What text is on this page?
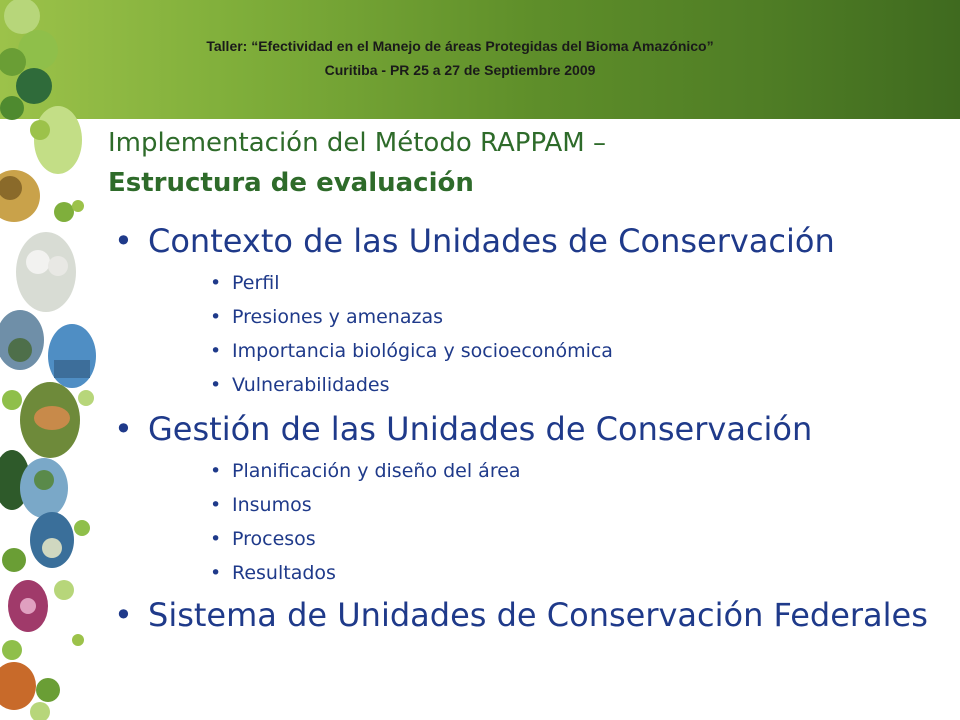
Taller: “Efectividad en el Manejo de áreas Protegidas del Bioma Amazónico”
Curitiba - PR 25 a 27 de Septiembre 2009
Implementación del Método RAPPAM –
Estructura de evaluación
• Contexto de las Unidades de Conservación
• Perfil
• Presiones y amenazas
• Importancia biológica y socioeconómica
• Vulnerabilidades
• Gestión de las Unidades de Conservación
• Planificación y diseño del área
• Insumos
• Procesos
• Resultados
• Sistema de Unidades de Conservación Federales
